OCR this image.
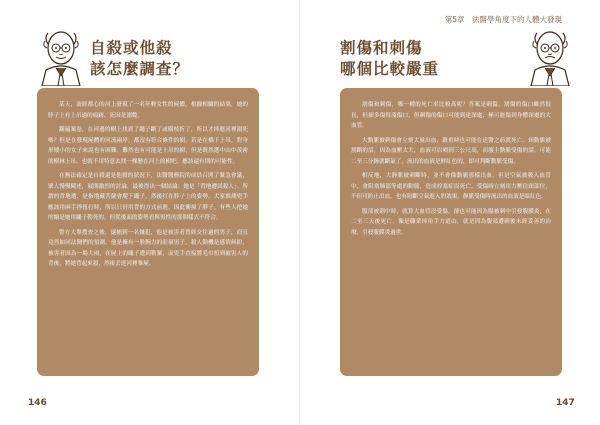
自殺或他殺
該怎麼調查？

某天，流經都心的河上發現了一名年輕女性的屍體，根據相驗的結果，她的脖子上有上吊過的痕跡，死因是溺斃。

翻遍案卷，在河邊的樹上找到了繩子斷了或樹枝折了，所以才摔進河裡溺死嗎？但是在發現屍體的河流兩岸，都沒有符合條件的樹，若是在橋下上吊，對身形矮小的女子來說也有困難。難然也有可能是上吊的樹，但是既然選中山中茂密的樹林上吊，也就不用特意去找一棵懸在河上的樹吧。應該還有別的可能性。

在無法確定是自殺還是他殺的狀況下，法醫醫務院的成員召開了緊急會議，眾人慢慢陳述，展開激烈的討論，最後得出一個結論：她是「背地遭試殺人」。所謂的背地遭，是指地藏菩薩會爬下繩子，然後打在脖子上的姿勢，大家推測兇手應該用兩手掙扭打時，所以只好用背的方式前進，因此衝撞了脖子。有些人把她的縮是她用繩子勒死的，但從後面的姿勢看與男性的那個樣式不符合。

警方大舉搜查之後，逮捕到一名嫌犯，他是被害者曾經交往過的男子，而且竟然如同法醫們的預測，他是擁有一股腕力的壯碩男子，殺人動機是感情糾紛，被害者因為一場大雨，在屍上的繩子遭到勒緊，而兇手直接將毛巾扭到被害人的背後，將她背起來殺，然後丟進河裡棄屍。

146
第5章　法醫學角度下的人體大發現
割傷和刺傷
哪個比較嚴重

割傷和刺傷，哪一種的死亡率比較高呢？答案是刺傷。割傷的傷口雖然很長，但卻多傷得淺傷口，但刺傷的傷口可能到達深處，極可能傷到身體深處的大血管。

大動脈被刺傷會立刻大量出血，嚴重時也可能在送醫之前就死亡。頸動脈被割斷的話，因為血壓太大，血液可以噴到三公尺高，而腹主動脈受傷的話，可能二至三分鐘就斷氣了，流出的血液是鮮紅色的，即可判斷動脈受傷。

相反地，大靜脈被刺斷時，並不會像動脈那樣出血，但是空氣被吸入血管中，會阻塞肺部等處的動脈，造成栓塞症而死亡。受傷時立刻用力壓住頸部位，不但可防止出血，也有阻斷空氣進入的效果，靜脈受傷時流出的血液是暗紅色。

腹部被刺中時，就算大血管沒受傷，卻也可能因為腸被刺中引發腹膜炎，在二至三天後死亡。像是職業摔角手力道山，就是因為腹部遭刺後未經妥善的治療，引發腹膜炎過世。

147
